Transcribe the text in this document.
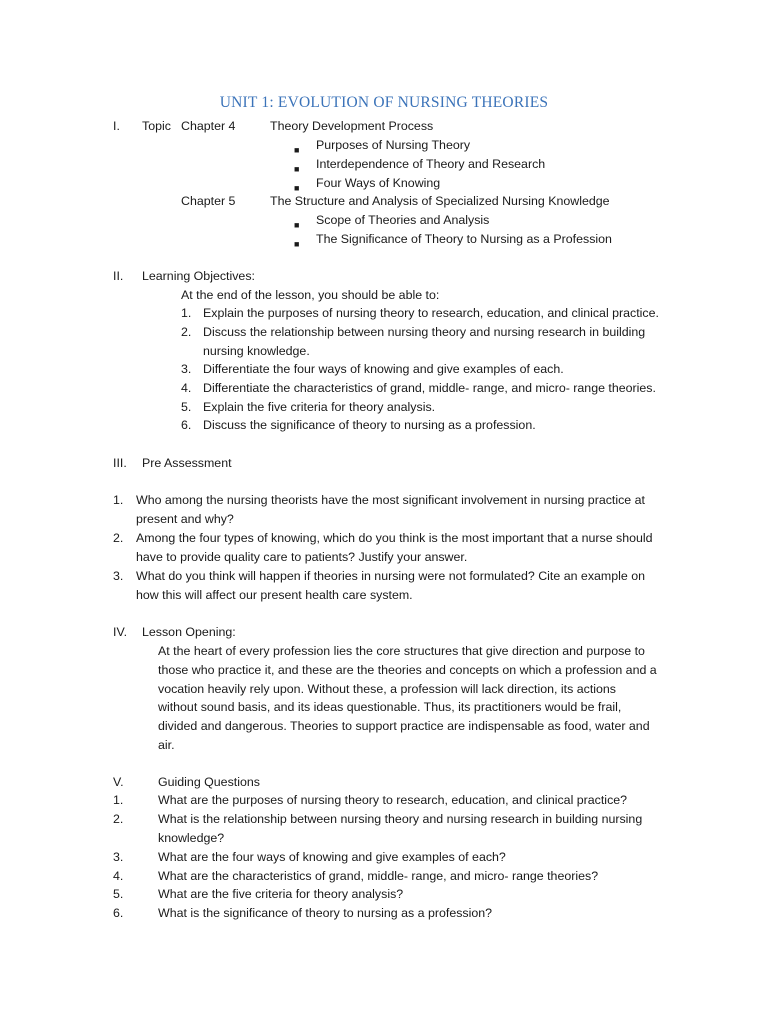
UNIT 1: EVOLUTION OF NURSING THEORIES
I. Topic Chapter 4	Theory Development Process
■ Purposes of Nursing Theory
■ Interdependence of Theory and Research
■ Four Ways of Knowing
Chapter 5	The Structure and Analysis of Specialized Nursing Knowledge
■ Scope of Theories and Analysis
■ The Significance of Theory to Nursing as a Profession
II. Learning Objectives:
At the end of the lesson, you should be able to:
1. Explain the purposes of nursing theory to research, education, and clinical practice.
2. Discuss the relationship between nursing theory and nursing research in building
nursing knowledge.
3. Differentiate the four ways of knowing and give examples of each.
4. Differentiate the characteristics of grand, middle- range, and micro- range theories.
5. Explain the five criteria for theory analysis.
6. Discuss the significance of theory to nursing as a profession.
III. Pre Assessment
1. Who among the nursing theorists have the most significant involvement in nursing practice at
present and why?
2. Among the four types of knowing, which do you think is the most important that a nurse should
have to provide quality care to patients? Justify your answer.
3. What do you think will happen if theories in nursing were not formulated? Cite an example on
how this will affect our present health care system.
IV. Lesson Opening:
At the heart of every profession lies the core structures that give direction and purpose to
those who practice it, and these are the theories and concepts on which a profession and a
vocation heavily rely upon. Without these, a profession will lack direction, its actions
without sound basis, and its ideas questionable. Thus, its practitioners would be frail,
divided and dangerous. Theories to support practice are indispensable as food, water and
air.
V.	Guiding Questions
1.	What are the purposes of nursing theory to research, education, and clinical practice?
2.	What is the relationship between nursing theory and nursing research in building nursing
knowledge?
3.	What are the four ways of knowing and give examples of each?
4.	What are the characteristics of grand, middle- range, and micro- range theories?
5.	What are the five criteria for theory analysis?
6.	What is the significance of theory to nursing as a profession?
